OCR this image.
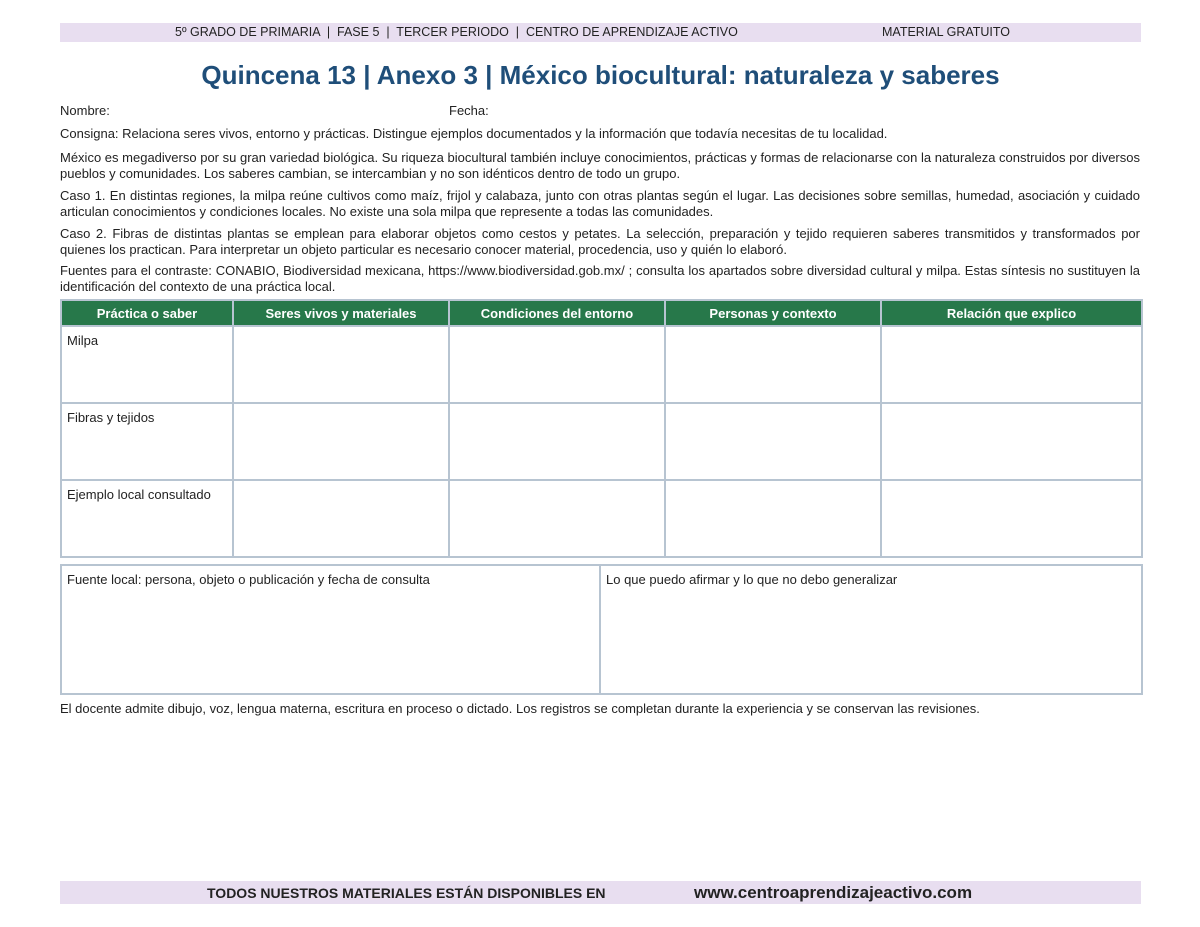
5º GRADO DE PRIMARIA  |  FASE 5  |  TERCER PERIODO  |  CENTRO DE APRENDIZAJE ACTIVO	MATERIAL GRATUITO
Quincena 13 | Anexo 3 | México biocultural: naturaleza y saberes
Nombre:	Fecha:
Consigna: Relaciona seres vivos, entorno y prácticas. Distingue ejemplos documentados y la información que todavía necesitas de tu localidad.
México es megadiverso por su gran variedad biológica. Su riqueza biocultural también incluye conocimientos, prácticas y formas de relacionarse con la naturaleza construidos por diversos pueblos y comunidades. Los saberes cambian, se intercambian y no son idénticos dentro de todo un grupo.
Caso 1. En distintas regiones, la milpa reúne cultivos como maíz, frijol y calabaza, junto con otras plantas según el lugar. Las decisiones sobre semillas, humedad, asociación y cuidado articulan conocimientos y condiciones locales. No existe una sola milpa que represente a todas las comunidades.
Caso 2. Fibras de distintas plantas se emplean para elaborar objetos como cestos y petates. La selección, preparación y tejido requieren saberes transmitidos y transformados por quienes los practican. Para interpretar un objeto particular es necesario conocer material, procedencia, uso y quién lo elaboró.
Fuentes para el contraste: CONABIO, Biodiversidad mexicana, https://www.biodiversidad.gob.mx/ ; consulta los apartados sobre diversidad cultural y milpa. Estas síntesis no sustituyen la identificación del contexto de una práctica local.
Práctica o saber	Seres vivos y materiales	Condiciones del entorno	Personas y contexto	Relación que explico
Milpa				
Fibras y tejidos				
Ejemplo local consultado				
Fuente local: persona, objeto o publicación y fecha de consulta	Lo que puedo afirmar y lo que no debo generalizar
El docente admite dibujo, voz, lengua materna, escritura en proceso o dictado. Los registros se completan durante la experiencia y se conservan las revisiones.
TODOS NUESTROS MATERIALES ESTÁN DISPONIBLES EN	www.centroaprendizajeactivo.com
